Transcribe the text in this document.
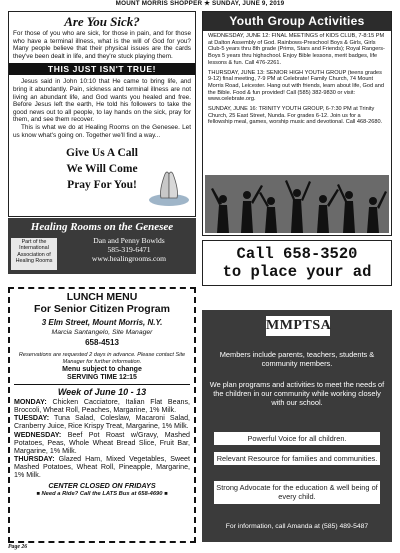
MOUNT MORRIS SHOPPER ★ SUNDAY, JUNE 9, 2019
Are You Sick?

For those of you who are sick, for those in pain, and for those who have a terminal illness, what is the will of God for you? Many people believe that their physical issues are the cards they've been dealt in life, and they're stuck playing them.

THIS JUST ISN'T TRUE!

Jesus said in John 10:10 that He came to bring life, and bring it abundantly. Pain, sickness and terminal illness are not living an abundant life, and God wants you healed and free. Before Jesus left the earth, He told his followers to take the good news out to all people, to lay hands on the sick, pray for them, and see them recover.

This is what we do at Healing Rooms on the Genesee. Let us know what's going on. Together we'll find a way...

Give Us A Call
We Will Come
Pray For You!
Healing Rooms on the Genesee
Part of the International Association of Healing Rooms
Dan and Penny Bowlds
585-319-6471
www.healingrooms.com
Youth Group Activities

WEDNESDAY, JUNE 12: FINAL MEETINGS of KIDS CLUB, 7-8:15 PM at Dalton Assembly of God. Rainbows-Preschool Boys & Girls, Girls Club-5 years thru 8th grade (Prims, Stars and Friends); Royal Rangers-Boys 5 years thru highschool. Enjoy Bible lessons, merit badges, life lessons & fun. Call 476-2261.

THURSDAY, JUNE 13: SENIOR HIGH YOUTH GROUP (teens grades 9-12) final meeting, 7-9 PM at Celebrate! Family Church, 74 Mount Morris Road, Leicester. Hang out with friends, learn about life, God and the Bible. Food & fun provided! Call (585) 382-9830 or visit: www.celebrate.org.

SUNDAY, JUNE 16: TRINITY YOUTH GROUP, 6-7:30 PM at Trinity Church, 25 East Street, Nunda. For grades 6-12. Join us for a fellowship meal, games, worship music and devotional. Call 468-2680.

Call 658-3520
to place your ad
LUNCH MENU
For Senior Citizen Program
3 Elm Street, Mount Morris, N.Y.
Marcia Santangelo, Site Manager
658-4513
Reservations are requested 2 days in advance. Please contact Site Manager for further information.
Menu subject to change
SERVING TIME 12:15
Week of June 10 - 13
MONDAY: Chicken Cacciatore, Italian Flat Beans, Broccoli, Wheat Roll, Peaches, Margarine, 1% Milk.
TUESDAY: Tuna Salad, Coleslaw, Macaroni Salad, Cranberry Juice, Rice Krispy Treat, Margarine, 1% Milk.
WEDNESDAY: Beef Pot Roast w/Gravy, Mashed Potatoes, Peas, Whole Wheat Bread Slice, Fruit Bar, Margarine, 1% Milk.
THURSDAY: Glazed Ham, Mixed Vegetables, Sweet Mashed Potatoes, Wheat Roll, Pineapple, Margarine, 1% Milk.
CENTER CLOSED ON FRIDAYS
■ Need a Ride? Call the LATS Bus at 658-4690 ■
Page 26
MMPTSA
Members include parents, teachers, students & community members.
We plan programs and activities to meet the needs of the children in our community while working closely with our school.
Powerful Voice for all children.
Relevant Resource for families and communities.
Strong Advocate for the education & well being of every child.
For information, call Amanda at (585) 489-5487
